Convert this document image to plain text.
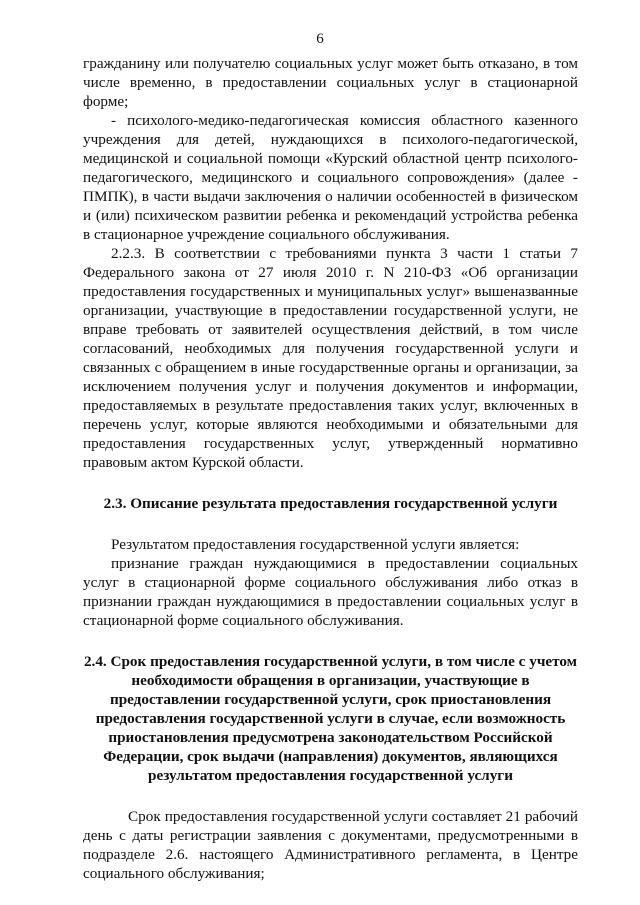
6

гражданину или получателю социальных услуг может быть отказано, в том числе временно, в предоставлении социальных услуг в стационарной форме;

- психолого-медико-педагогическая комиссия областного казенного учреждения для детей, нуждающихся в психолого-педагогической, медицинской и социальной помощи «Курский областной центр психолого-педагогического, медицинского и социального сопровождения» (далее - ПМПК), в части выдачи заключения о наличии особенностей в физическом и (или) психическом развитии ребенка и рекомендаций устройства ребенка в стационарное учреждение социального обслуживания.

2.2.3. В соответствии с требованиями пункта 3 части 1 статьи 7 Федерального закона от 27 июля 2010 г. N 210-ФЗ «Об организации предоставления государственных и муниципальных услуг» вышеназванные организации, участвующие в предоставлении государственной услуги, не вправе требовать от заявителей осуществления действий, в том числе согласований, необходимых для получения государственной услуги и связанных с обращением в иные государственные органы и организации, за исключением получения услуг и получения документов и информации, предоставляемых в результате предоставления таких услуг, включенных в перечень услуг, которые являются необходимыми и обязательными для предоставления государственных услуг, утвержденный нормативно правовым актом Курской области.

2.3. Описание результата предоставления государственной услуги

Результатом предоставления государственной услуги является:

признание граждан нуждающимися в предоставлении социальных услуг в стационарной форме социального обслуживания либо отказ в признании граждан нуждающимися в предоставлении социальных услуг в стационарной форме социального обслуживания.

2.4. Срок предоставления государственной услуги, в том числе с учетом необходимости обращения в организации, участвующие в предоставлении государственной услуги, срок приостановления предоставления государственной услуги в случае, если возможность приостановления предусмотрена законодательством Российской Федерации, срок выдачи (направления) документов, являющихся результатом предоставления государственной услуги

Срок предоставления государственной услуги составляет 21 рабочий день с даты регистрации заявления с документами, предусмотренными в подразделе 2.6. настоящего Административного регламента, в Центре социального обслуживания;
